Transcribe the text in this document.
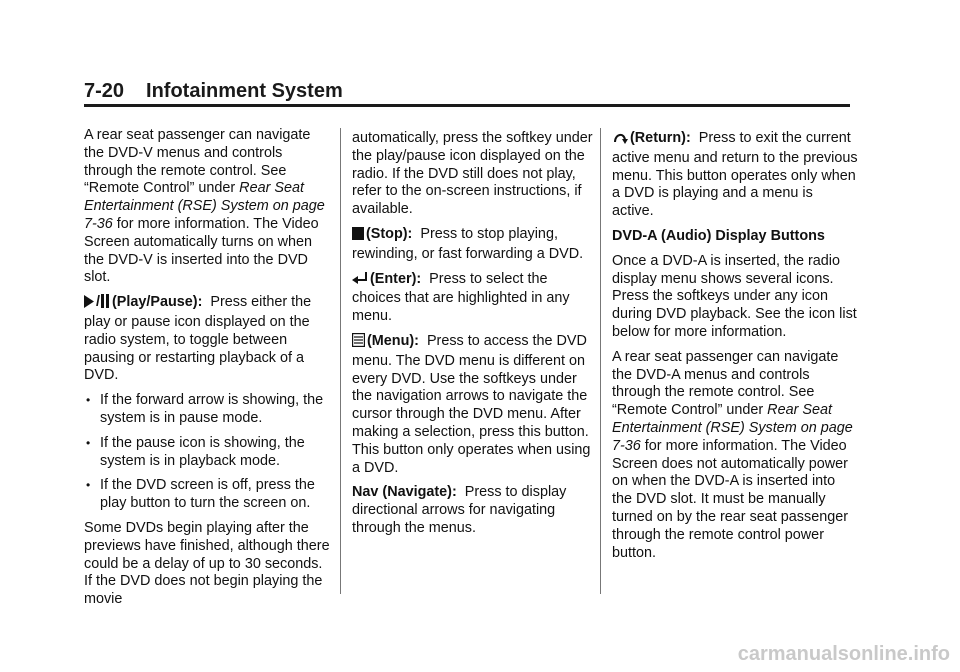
7-20 Infotainment System

A rear seat passenger can navigate the DVD-V menus and controls through the remote control. See “Remote Control” under Rear Seat Entertainment (RSE) System on page 7-36 for more information. The Video Screen automatically turns on when the DVD-V is inserted into the DVD slot.

/ (Play/Pause): Press either the play or pause icon displayed on the radio system, to toggle between pausing or restarting playback of a DVD.

• If the forward arrow is showing, the system is in pause mode.
• If the pause icon is showing, the system is in playback mode.
• If the DVD screen is off, press the play button to turn the screen on.

Some DVDs begin playing after the previews have finished, although there could be a delay of up to 30 seconds. If the DVD does not begin playing the movie

automatically, press the softkey under the play/pause icon displayed on the radio. If the DVD still does not play, refer to the on-screen instructions, if available.

(Stop): Press to stop playing, rewinding, or fast forwarding a DVD.

(Enter): Press to select the choices that are highlighted in any menu.

(Menu): Press to access the DVD menu. The DVD menu is different on every DVD. Use the softkeys under the navigation arrows to navigate the cursor through the DVD menu. After making a selection, press this button. This button only operates when using a DVD.

Nav (Navigate): Press to display directional arrows for navigating through the menus.

(Return): Press to exit the current active menu and return to the previous menu. This button operates only when a DVD is playing and a menu is active.

DVD-A (Audio) Display Buttons

Once a DVD-A is inserted, the radio display menu shows several icons. Press the softkeys under any icon during DVD playback. See the icon list below for more information.

A rear seat passenger can navigate the DVD-A menus and controls through the remote control. See “Remote Control” under Rear Seat Entertainment (RSE) System on page 7-36 for more information. The Video Screen does not automatically power on when the DVD-A is inserted into the DVD slot. It must be manually turned on by the rear seat passenger through the remote control power button.

carmanualsonline.info
